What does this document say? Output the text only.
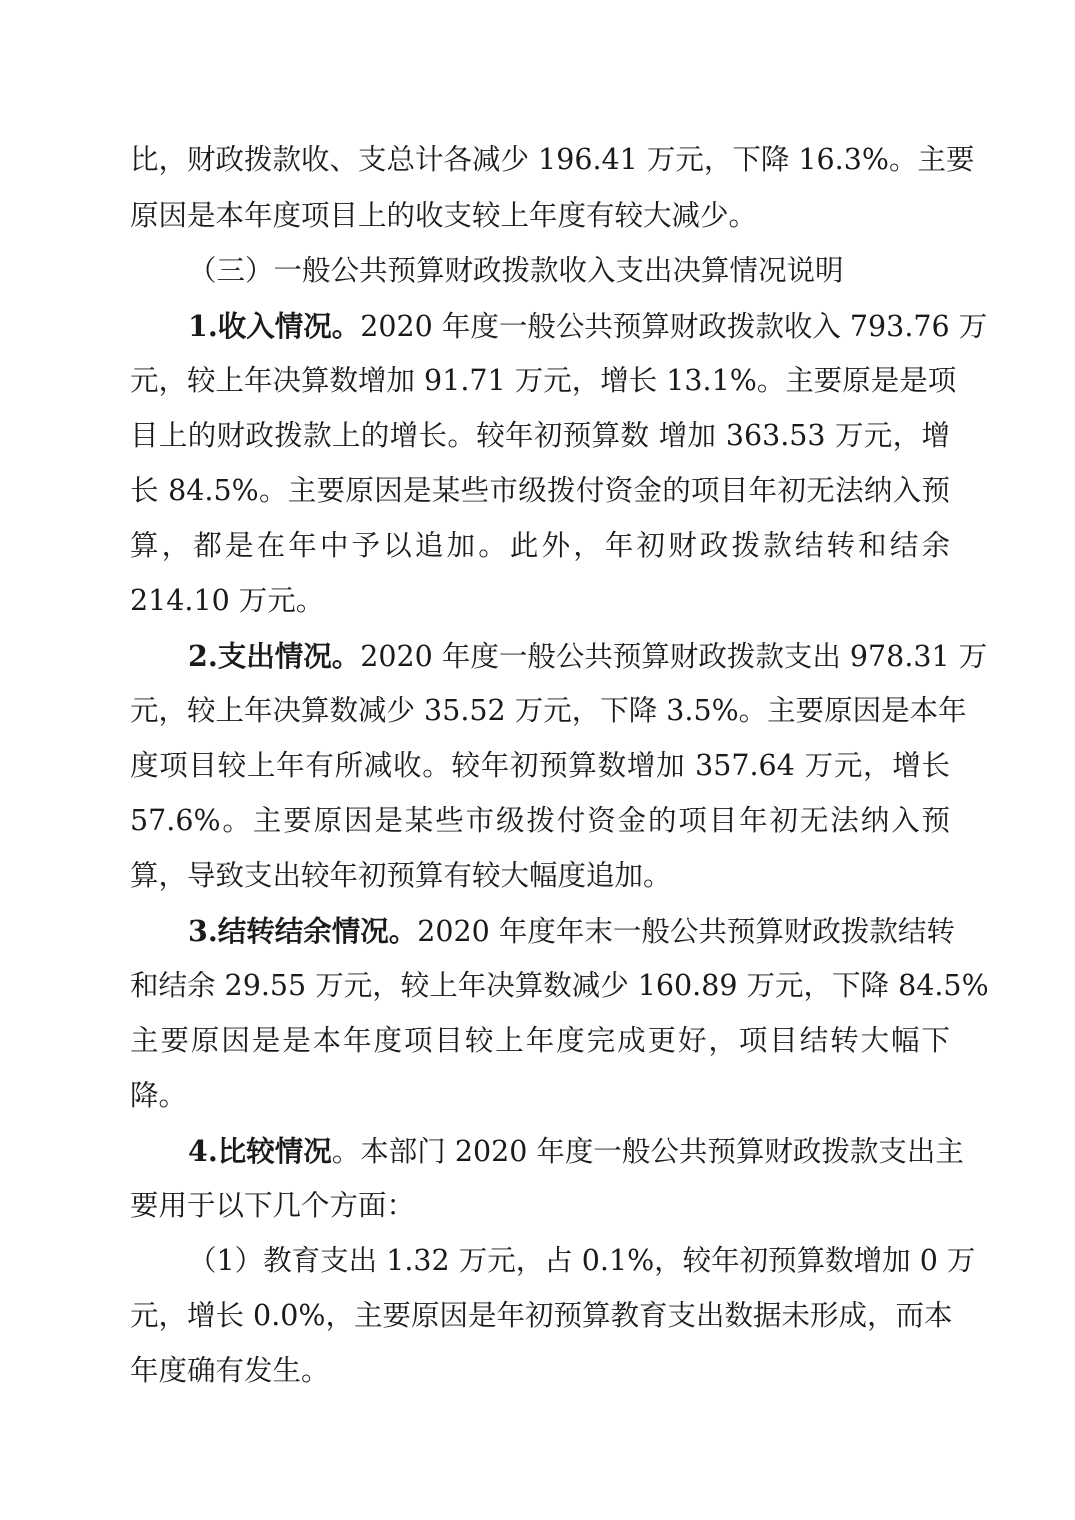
比，财政拨款收、支总计各减少 196.41 万元，下降 16.3%。主要
原因是本年度项目上的收支较上年度有较大减少。
（三）一般公共预算财政拨款收入支出决算情况说明
1.收入情况。2020 年度一般公共预算财政拨款收入 793.76 万
元，较上年决算数增加 91.71 万元，增长 13.1%。主要原是是项
目上的财政拨款上的增长。较年初预算数 增加 363.53 万元，增
长 84.5%。主要原因是某些市级拨付资金的项目年初无法纳入预
算，都是在年中予以追加。此外，年初财政拨款结转和结余
214.10 万元。
2.支出情况。2020 年度一般公共预算财政拨款支出 978.31 万
元，较上年决算数减少 35.52 万元，下降 3.5%。主要原因是本年
度项目较上年有所减收。较年初预算数增加 357.64 万元，增长
57.6%。主要原因是某些市级拨付资金的项目年初无法纳入预
算，导致支出较年初预算有较大幅度追加。
3.结转结余情况。2020 年度年末一般公共预算财政拨款结转
和结余 29.55 万元，较上年决算数减少 160.89 万元，下降 84.5%
主要原因是是本年度项目较上年度完成更好，项目结转大幅下
降。
4.比较情况。本部门 2020 年度一般公共预算财政拨款支出主
要用于以下几个方面：
（1）教育支出 1.32 万元，占 0.1%，较年初预算数增加 0 万
元，增长 0.0%，主要原因是年初预算教育支出数据未形成，而本
年度确有发生。
